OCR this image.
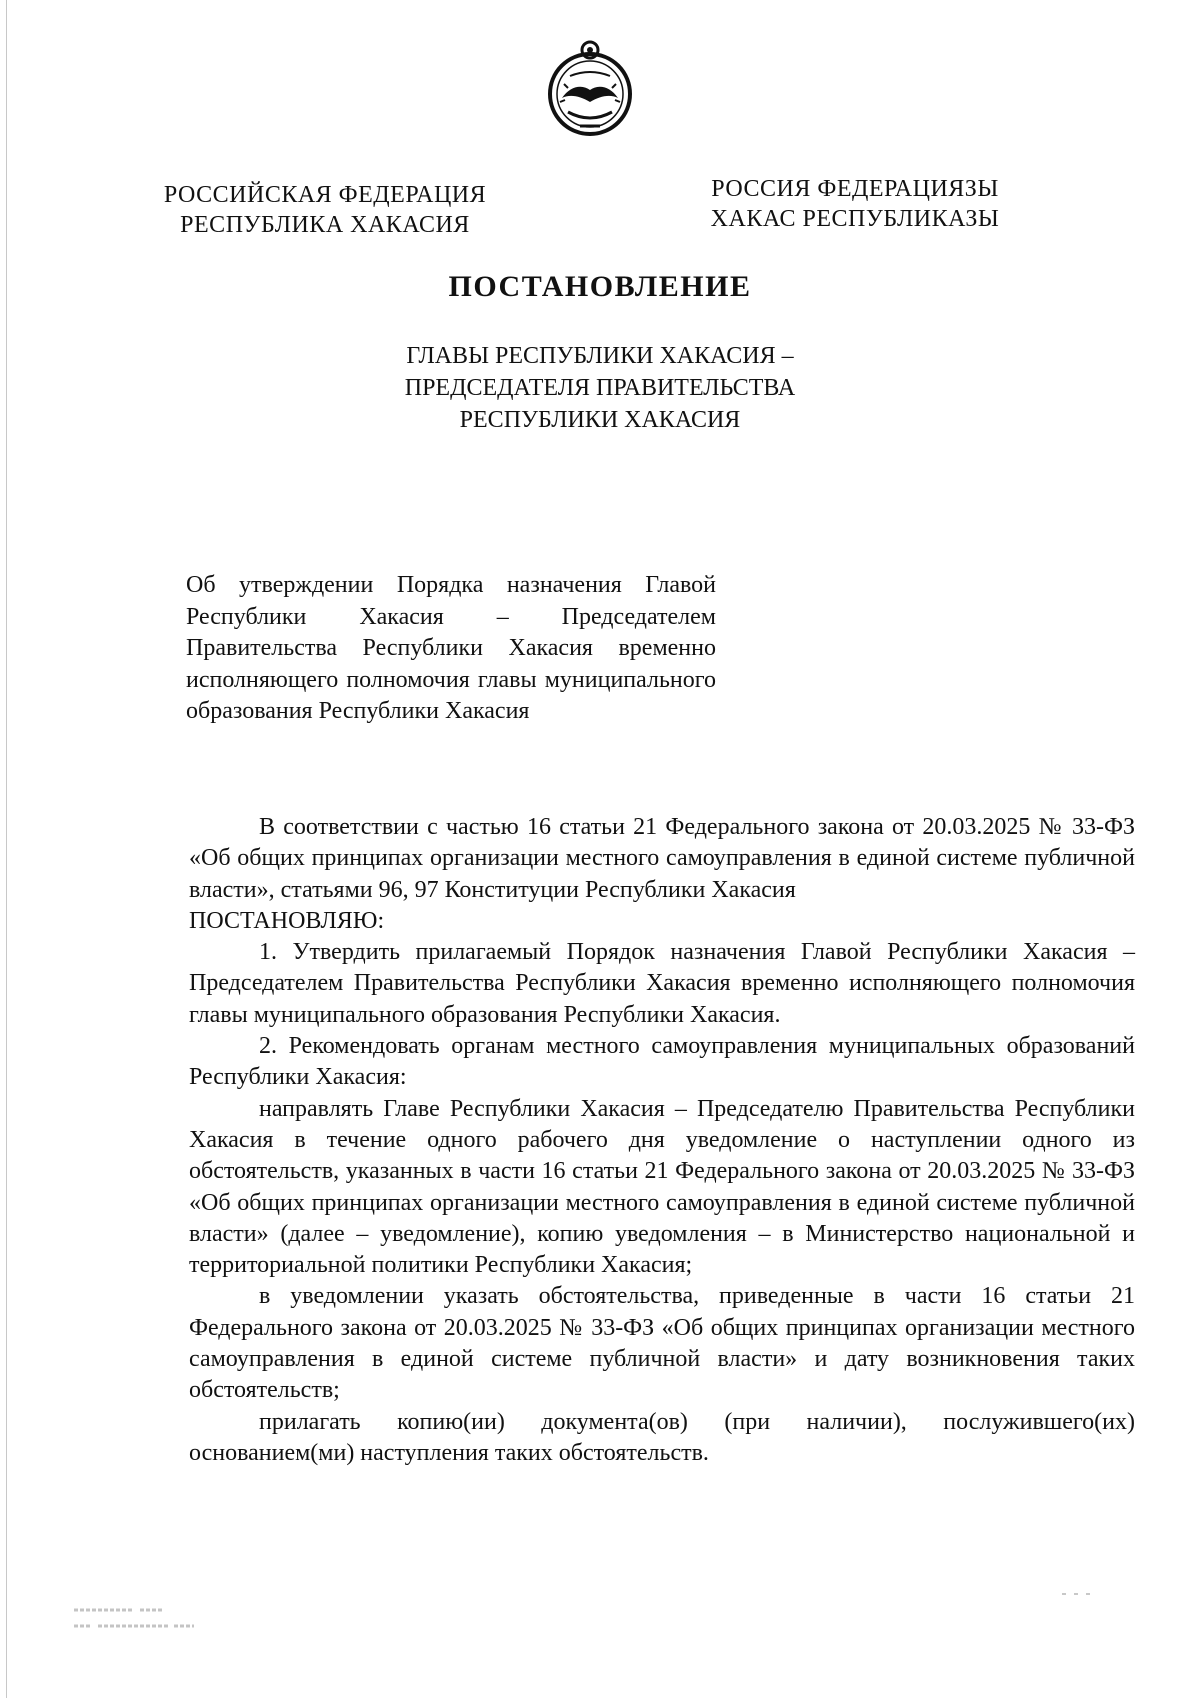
РОССИЙСКАЯ ФЕДЕРАЦИЯ
РЕСПУБЛИКА ХАКАСИЯ
РОССИЯ ФЕДЕРАЦИЯЗЫ
ХАКАС РЕСПУБЛИКАЗЫ
ПОСТАНОВЛЕНИЕ
ГЛАВЫ РЕСПУБЛИКИ ХАКАСИЯ –
ПРЕДСЕДАТЕЛЯ ПРАВИТЕЛЬСТВА
РЕСПУБЛИКИ ХАКАСИЯ
Об утверждении Порядка назначения Главой Республики Хакасия – Председателем Правительства Республики Хакасия временно исполняющего полномочия главы муниципального образования Республики Хакасия

В соответствии с частью 16 статьи 21 Федерального закона от 20.03.2025 № 33-ФЗ «Об общих принципах организации местного самоуправления в единой системе публичной власти», статьями 96, 97 Конституции Республики Хакасия

ПОСТАНОВЛЯЮ:

1. Утвердить прилагаемый Порядок назначения Главой Республики Хакасия – Председателем Правительства Республики Хакасия временно исполняющего полномочия главы муниципального образования Республики Хакасия.

2. Рекомендовать органам местного самоуправления муниципальных образований Республики Хакасия:

направлять Главе Республики Хакасия – Председателю Правительства Республики Хакасия в течение одного рабочего дня уведомление о наступлении одного из обстоятельств, указанных в части 16 статьи 21 Федерального закона от 20.03.2025 № 33-ФЗ «Об общих принципах организации местного самоуправления в единой системе публичной власти» (далее – уведомление), копию уведомления – в Министерство национальной и территориальной политики Республики Хакасия;

в уведомлении указать обстоятельства, приведенные в части 16 статьи 21 Федерального закона от 20.03.2025 № 33-ФЗ «Об общих принципах организации местного самоуправления в единой системе публичной власти» и дату возникновения таких обстоятельств;

прилагать копию(ии) документа(ов) (при наличии), послужившего(их) основанием(ми) наступления таких обстоятельств.
